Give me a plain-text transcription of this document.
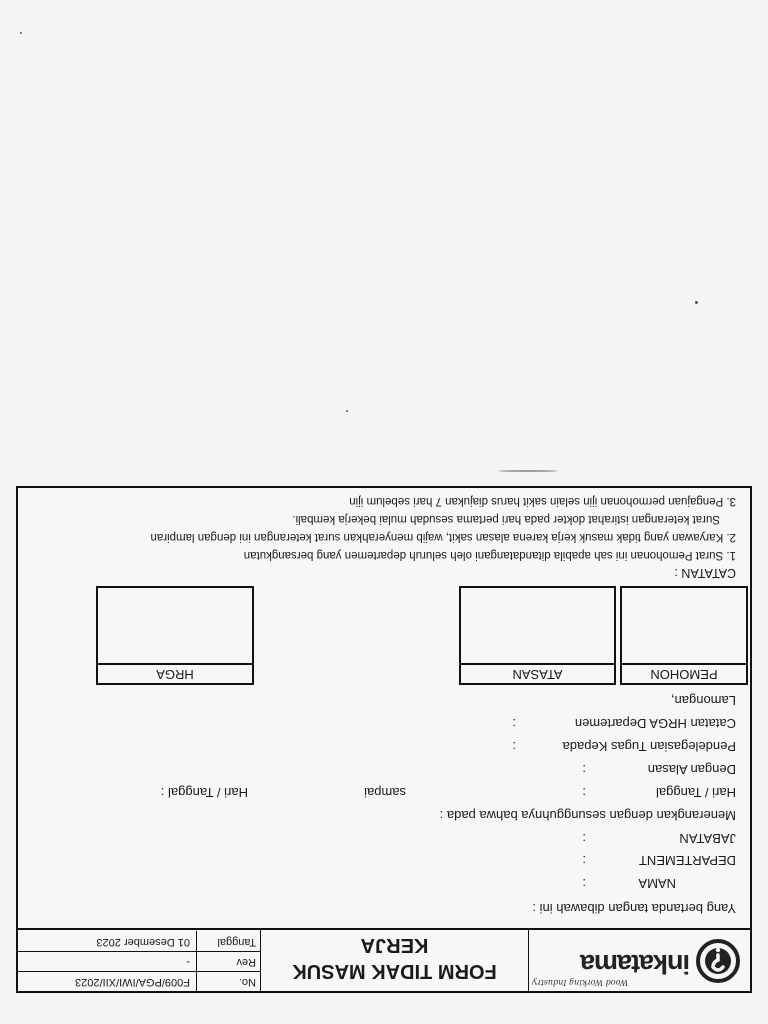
Wood Working Industry
inkatama
FORM TIDAK MASUK
KERJA
No.
F009/PGA/IWI/XII/2023
Rev
-
Tanggal
01 Desember 2023
Yang bertanda tangan dibawah ini :
NAMA
:
DEPARTEMENT
:
JABATAN
:
Menerangkan dengan sesungguhnya bahwa pada :
Hari / Tanggal
:
sampai
Hari / Tanggal :
Dengan Alasan
:
Pendelegasian Tugas Kepada
:
Catatan HRGA Departemen
:
Lamongan,
PEMOHON
ATASAN
HRGA
CATATAN :
1. Surat Pemohonan ini sah apabila ditandatangani oleh seluruh departemen yang bersangkutan
2. Karyawan yang tidak masuk kerja karena alasan sakit, wajib menyerahkan surat keterangan ini dengan lampiran
Surat keterangan istirahat dokter pada hari pertama sesudah mulai bekerja kembali.
3. Pengajuan permohonan ijin selain sakit harus diajukan 7 hari sebelum ijin
